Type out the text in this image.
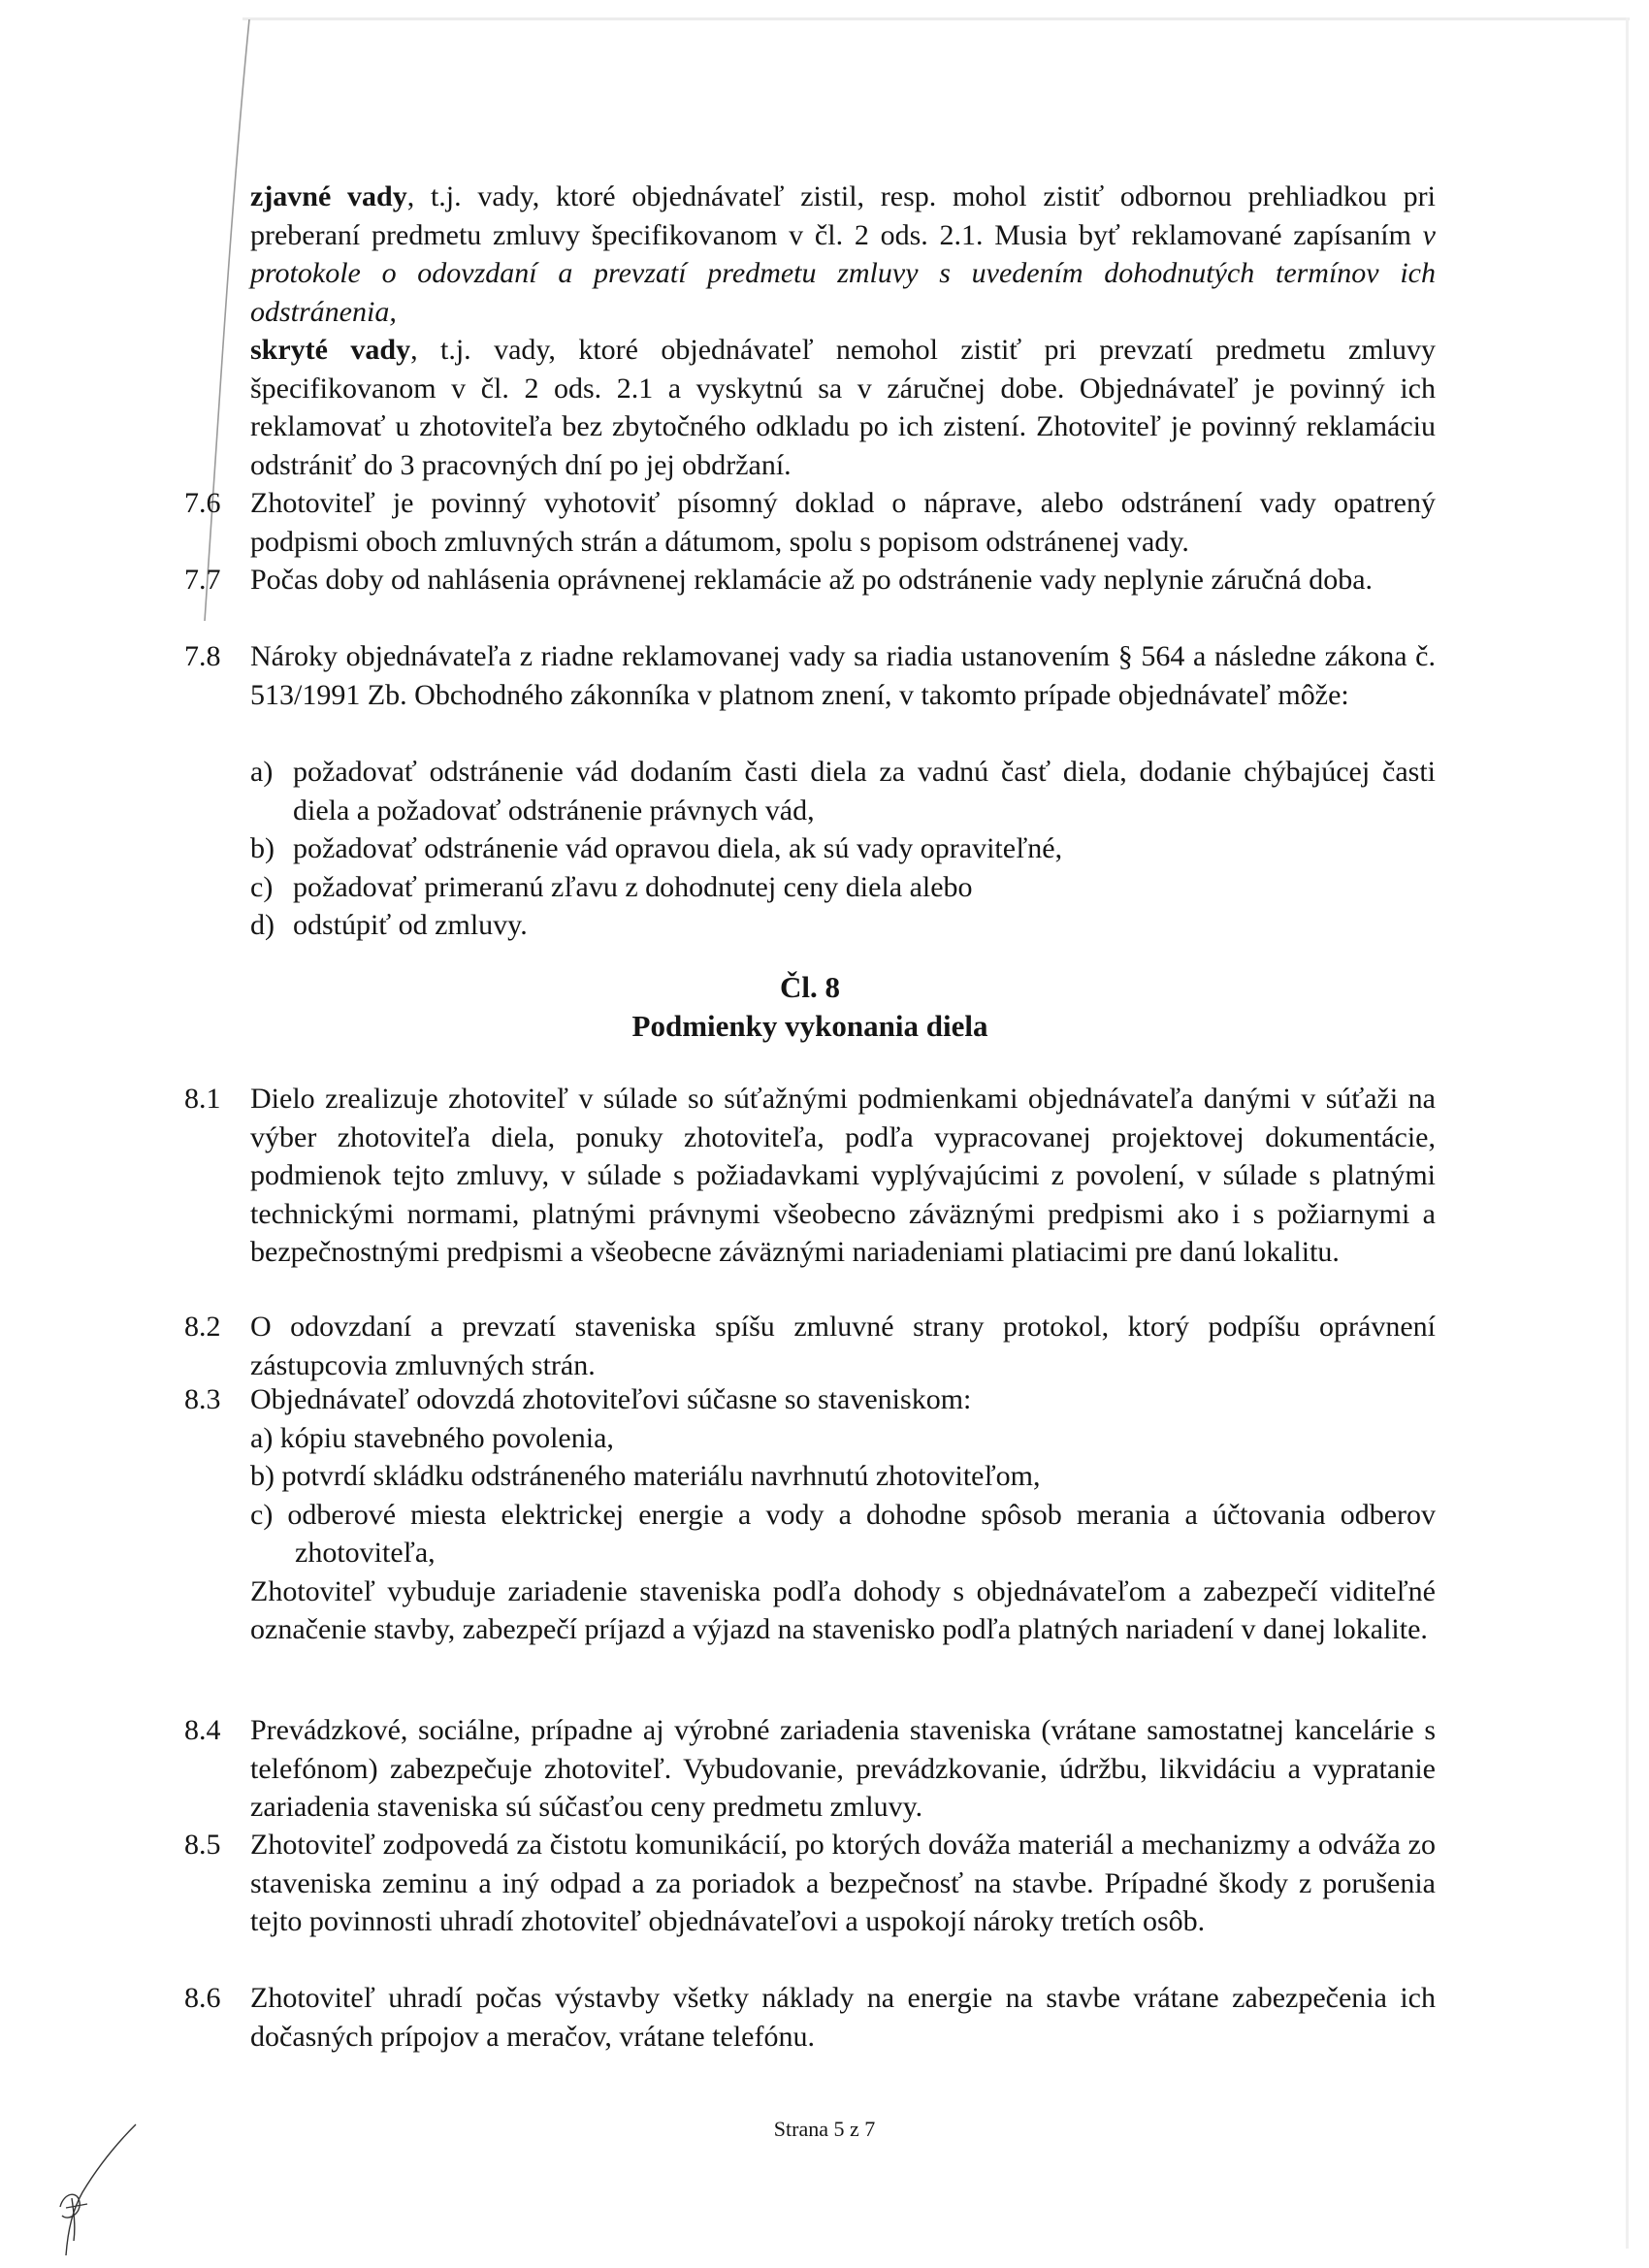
zjavné vady, t.j. vady, ktoré objednávateľ zistil, resp. mohol zistiť odbornou prehliadkou pri preberaní predmetu zmluvy špecifikovanom v čl. 2 ods. 2.1. Musia byť reklamované zapísaním v protokole o odovzdaní a prevzatí predmetu zmluvy s uvedením dohodnutých termínov ich odstránenia,
skryté vady, t.j. vady, ktoré objednávateľ nemohol zistiť pri prevzatí predmetu zmluvy špecifikovanom v čl. 2 ods. 2.1 a vyskytnú sa v záručnej dobe. Objednávateľ je povinný ich reklamovať u zhotoviteľa bez zbytočného odkladu po ich zistení. Zhotoviteľ je povinný reklamáciu odstrániť do 3 pracovných dní po jej obdržaní.
7.6 Zhotoviteľ je povinný vyhotoviť písomný doklad o náprave, alebo odstránení vady opatrený podpismi oboch zmluvných strán a dátumom, spolu s popisom odstránenej vady.
7.7 Počas doby od nahlásenia oprávnenej reklamácie až po odstránenie vady neplynie záručná doba.
7.8 Nároky objednávateľa z riadne reklamovanej vady sa riadia ustanovením § 564 a následne zákona č. 513/1991 Zb. Obchodného zákonníka v platnom znení, v takomto prípade objednávateľ môže:
a) požadovať odstránenie vád dodaním časti diela za vadnú časť diela, dodanie chýbajúcej časti diela a požadovať odstránenie právnych vád,
b) požadovať odstránenie vád opravou diela, ak sú vady opraviteľné,
c) požadovať primeranú zľavu z dohodnutej ceny diela alebo
d) odstúpiť od zmluvy.
Čl. 8
Podmienky vykonania diela
8.1 Dielo zrealizuje zhotoviteľ v súlade so súťažnými podmienkami objednávateľa danými v súťaži na výber zhotoviteľa diela, ponuky zhotoviteľa, podľa vypracovanej projektovej dokumentácie, podmienok tejto zmluvy, v súlade s požiadavkami vyplývajúcimi z povolení, v súlade s platnými technickými normami, platnými právnymi všeobecno záväznými predpismi ako i s požiarnymi a bezpečnostnými predpismi a všeobecne záväznými nariadeniami platiacimi pre danú lokalitu.
8.2 O odovzdaní a prevzatí staveniska spíšu zmluvné strany protokol, ktorý podpíšu oprávnení zástupcovia zmluvných strán.
8.3 Objednávateľ odovzdá zhotoviteľovi súčasne so staveniskom:
a) kópiu stavebného povolenia,
b) potvrdí skládku odstráneného materiálu navrhnutú zhotoviteľom,
c) odberové miesta elektrickej energie a vody a dohodne spôsob merania a účtovania odberov zhotoviteľa,
Zhotoviteľ vybuduje zariadenie staveniska podľa dohody s objednávateľom a zabezpečí viditeľné označenie stavby, zabezpečí príjazd a výjazd na stavenisko podľa platných nariadení v danej lokalite.
8.4 Prevádzkové, sociálne, prípadne aj výrobné zariadenia staveniska (vrátane samostatnej kancelárie s telefónom) zabezpečuje zhotoviteľ. Vybudovanie, prevádzkovanie, údržbu, likvidáciu a vypratanie zariadenia staveniska sú súčasťou ceny predmetu zmluvy.
8.5 Zhotoviteľ zodpovedá za čistotu komunikácií, po ktorých dováža materiál a mechanizmy a odváža zo staveniska zeminu a iný odpad a za poriadok a bezpečnosť na stavbe. Prípadné škody z porušenia tejto povinnosti uhradí zhotoviteľ objednávateľovi a uspokojí nároky tretích osôb.
8.6 Zhotoviteľ uhradí počas výstavby všetky náklady na energie na stavbe vrátane zabezpečenia ich dočasných prípojov a meračov, vrátane telefónu.
Strana 5 z 7
